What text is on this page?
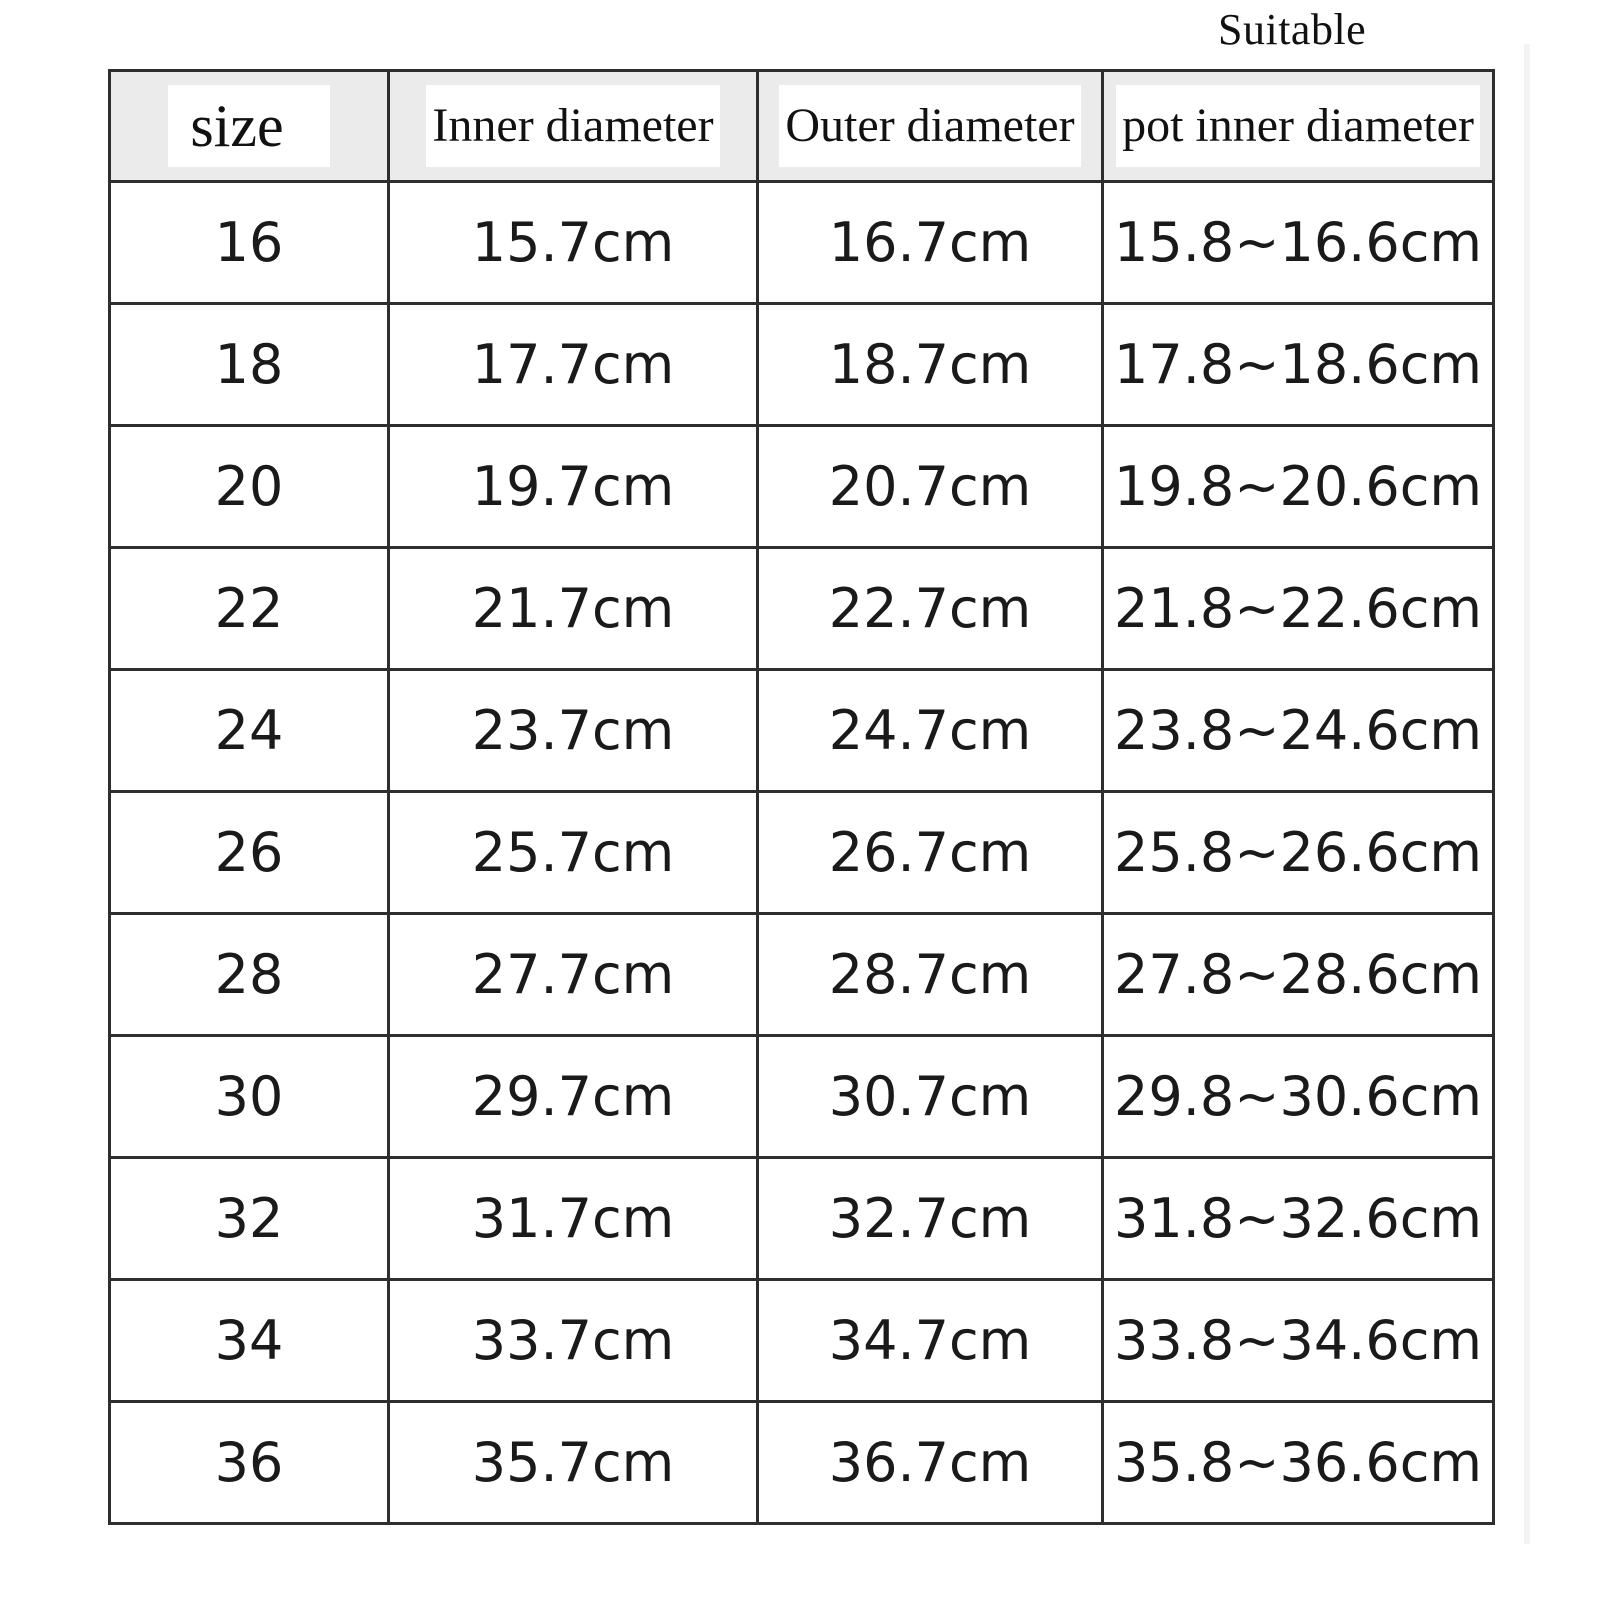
Suitable
size	Inner diameter	Outer diameter	pot inner diameter
16	15.7cm	16.7cm	15.8~16.6cm
18	17.7cm	18.7cm	17.8~18.6cm
20	19.7cm	20.7cm	19.8~20.6cm
22	21.7cm	22.7cm	21.8~22.6cm
24	23.7cm	24.7cm	23.8~24.6cm
26	25.7cm	26.7cm	25.8~26.6cm
28	27.7cm	28.7cm	27.8~28.6cm
30	29.7cm	30.7cm	29.8~30.6cm
32	31.7cm	32.7cm	31.8~32.6cm
34	33.7cm	34.7cm	33.8~34.6cm
36	35.7cm	36.7cm	35.8~36.6cm
